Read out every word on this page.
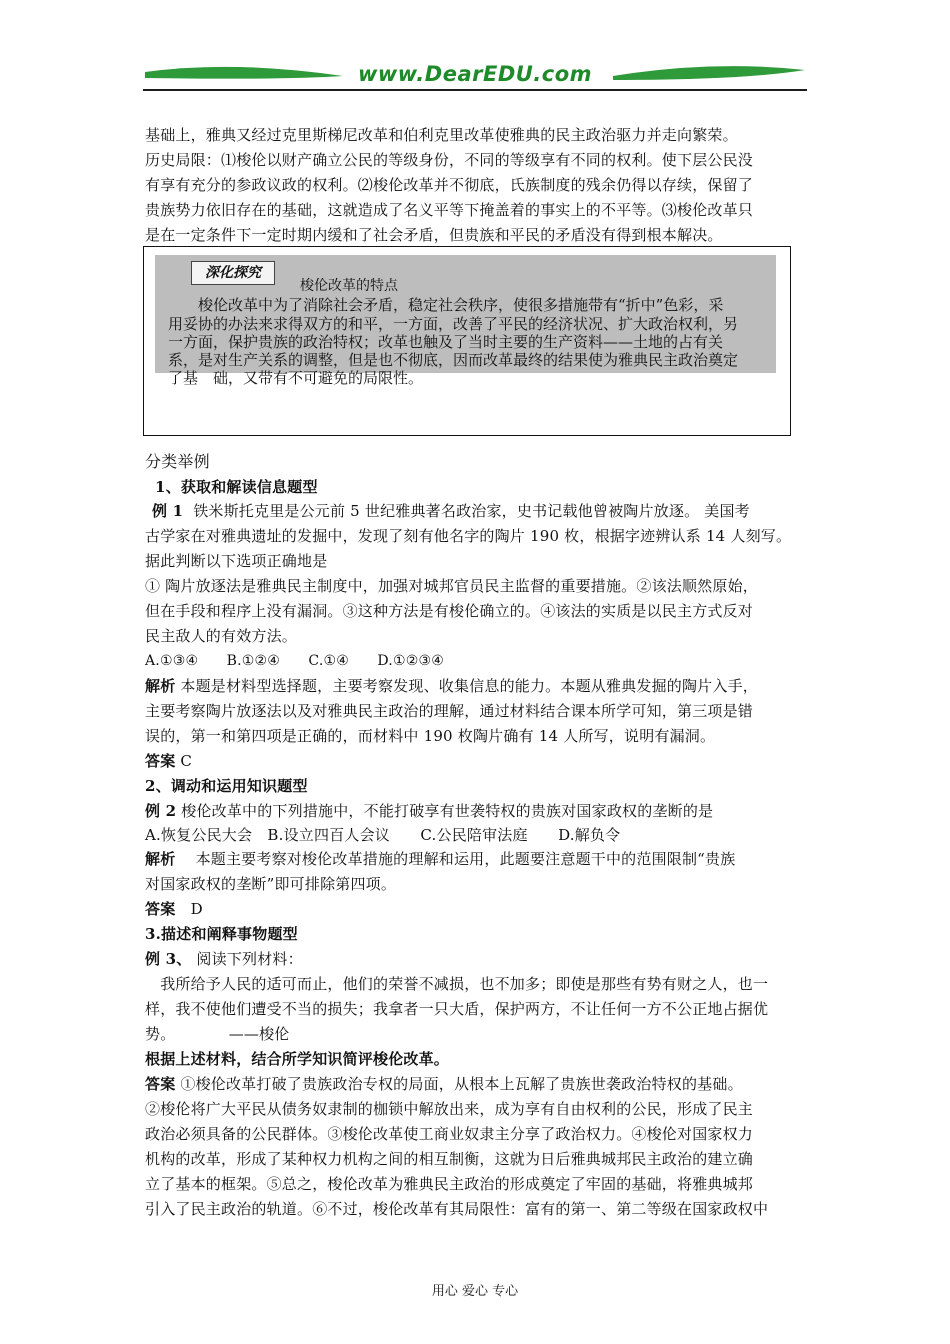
www.DearEDU.com
基础上，雅典又经过克里斯梯尼改革和伯利克里改革使雅典的民主政治驱力并走向繁荣。
历史局限：⑴梭伦以财产确立公民的等级身份，不同的等级享有不同的权利。使下层公民没
有享有充分的参政议政的权利。⑵梭伦改革并不彻底，氏族制度的残余仍得以存续，保留了
贵族势力依旧存在的基础，这就造成了名义平等下掩盖着的事实上的不平等。⑶梭伦改革只
是在一定条件下一定时期内缓和了社会矛盾，但贵族和平民的矛盾没有得到根本解决。
梭伦改革的特点
　　梭伦改革中为了消除社会矛盾，稳定社会秩序，使很多措施带有“折中”色彩，采
用妥协的办法来求得双方的和平，一方面，改善了平民的经济状况、扩大政治权利，另
一方面，保护贵族的政治特权；改革也触及了当时主要的生产资料——土地的占有关
系，是对生产关系的调整，但是也不彻底，因而改革最终的结果使为雅典民主政治奠定
了基　础，又带有不可避免的局限性。
深化探究
分类举例
1、获取和解读信息题型
例 1 铁米斯托克里是公元前 5 世纪雅典著名政治家，史书记载他曾被陶片放逐。 美国考
古学家在对雅典遗址的发掘中，发现了刻有他名字的陶片 190 枚，根据字迹辨认系 14 人刻写。
据此判断以下选项正确地是
① 陶片放逐法是雅典民主制度中，加强对城邦官员民主监督的重要措施。②该法顺然原始，
但在手段和程序上没有漏洞。③这种方法是有梭伦确立的。④该法的实质是以民主方式反对
民主敌人的有效方法。
A.①③④　　B.①②④　　C.①④　　D.①②③④
解析 本题是材料型选择题，主要考察发现、收集信息的能力。本题从雅典发掘的陶片入手，
主要考察陶片放逐法以及对雅典民主政治的理解，通过材料结合课本所学可知，第三项是错
误的，第一和第四项是正确的，而材料中 190 枚陶片确有 14 人所写，说明有漏洞。
答案 C
2、调动和运用知识题型
例 2 梭伦改革中的下列措施中，不能打破享有世袭特权的贵族对国家政权的垄断的是
A.恢复公民大会　B.设立四百人会议　　C.公民陪审法庭　　D.解负令
解析　 本题主要考察对梭伦改革措施的理解和运用，此题要注意题干中的范围限制“贵族
对国家政权的垄断”即可排除第四项。
答案　D
3.描述和阐释事物题型
例 3、 阅读下列材料：
　我所给予人民的适可而止，他们的荣誉不减损，也不加多；即使是那些有势有财之人，也一
样，我不使他们遭受不当的损失；我拿者一只大盾，保护两方，不让任何一方不公正地占据优
势。　　　　——梭伦
根据上述材料，结合所学知识简评梭伦改革。
答案 ①梭伦改革打破了贵族政治专权的局面，从根本上瓦解了贵族世袭政治特权的基础。
②梭伦将广大平民从债务奴隶制的枷锁中解放出来，成为享有自由权利的公民，形成了民主
政治必须具备的公民群体。③梭伦改革使工商业奴隶主分享了政治权力。④梭伦对国家权力
机构的改革，形成了某种权力机构之间的相互制衡，这就为日后雅典城邦民主政治的建立确
立了基本的框架。⑤总之，梭伦改革为雅典民主政治的形成奠定了牢固的基础，将雅典城邦
引入了民主政治的轨道。⑥不过，梭伦改革有其局限性：富有的第一、第二等级在国家政权中
用心 爱心 专心
